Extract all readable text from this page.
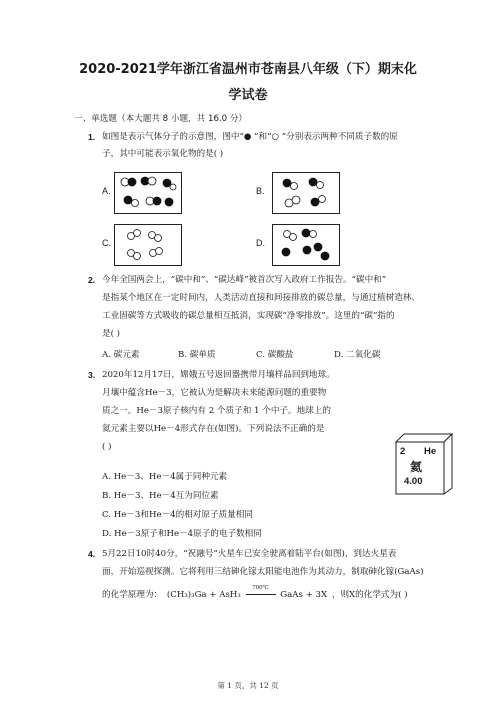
2020-2021学年浙江省温州市苍南县八年级（下）期末化
学试卷
一、单选题（本大题共 8 小题，共 16.0 分）
1. 如图是表示气体分子的示意图，图中“● ”和“○ ”分别表示两种不同质子数的原
子，其中可能表示氧化物的是( )
A.	B.
C.	D.
2. 今年全国两会上，“碳中和”、“碳达峰”被首次写入政府工作报告。“碳中和”
是指某个地区在一定时间内，人类活动直接和间接排放的碳总量，与通过植树造林、
工业固碳等方式吸收的碳总量相互抵消，实现碳“净零排放”。这里的“碳”指的
是( )
A. 碳元素	B. 碳单质	C. 碳酸盐	D. 二氧化碳
3. 2020年12月17日，嫦娥五号返回器携带月壤样品回到地球。
月壤中蕴含He－3，它被认为是解决未来能源问题的重要物
质之一。He－3原子核内有 2 个质子和 1 个中子。地球上的
氦元素主要以He－4形式存在(如图)。下列说法不正确的是
( )	2 He
氦
4.00
A. He－3、He－4属于同种元素
B. He－3、He－4互为同位素
C. He－3和He－4的相对原子质量相同
D. He－3原子和He－4原子的电子数相同
4. 5月22日10时40分，“祝融号”火星车已安全驶离着陆平台(如图)，到达火星表
面，开始巡视探测。它将利用三结砷化镓太阳能电池作为其动力，制取砷化镓(GaAs)
的化学原理为： (CH₃)₃Ga + AsH₃
700℃
GaAs + 3X ，则X的化学式为( )
第 1 页，共 12 页
